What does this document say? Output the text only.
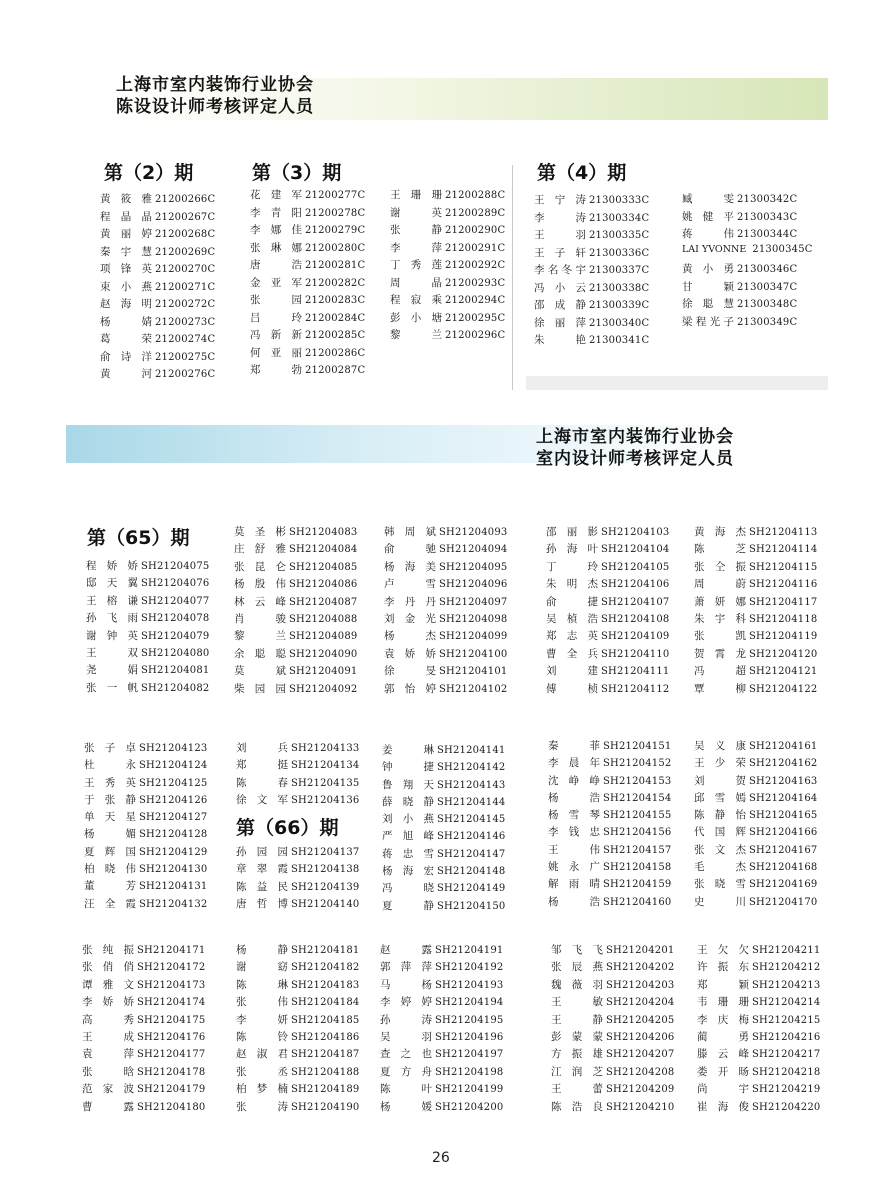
上海市室内装饰行业协会
陈设设计师考核评定人员
第（2）期	第（3）期	第（4）期
上海市室内装饰行业协会
室内设计师考核评定人员
第（65）期
第（66）期
黄筱雅 21200266C
程晶晶 21200267C
黄丽婷 21200268C
秦宇慧 21200269C
项锋英 21200270C
束小燕 21200271C
赵海明 21200272C
杨婧 21200273C
葛荣 21200274C
俞诗洋 21200275C
黄河 21200276C
花建军 21200277C
李青阳 21200278C
李娜佳 21200279C
张琳娜 21200280C
唐浩 21200281C
金亚军 21200282C
张园 21200283C
吕玲 21200284C
冯新新 21200285C
何亚丽 21200286C
郑勃 21200287C
王珊珊 21200288C
谢英 21200289C
张静 21200290C
李萍 21200291C
丁秀莲 21200292C
周晶 21200293C
程寂乘 21200294C
彭小塘 21200295C
黎兰 21200296C
王宁涛 21300333C
李涛 21300334C
王羽 21300335C
王子轩 21300336C
李名冬宇 21300337C
冯小云 21300338C
邵成静 21300339C
徐丽萍 21300340C
朱艳 21300341C
臧雯 21300342C
姚健平 21300343C
蒋伟 21300344C
LAI YVONNE 21300345C
黄小勇 21300346C
甘颖 21300347C
徐聪慧 21300348C
梁程光子 21300349C
程娇娇 SH21204075
邸天翼 SH21204076
王榕谦 SH21204077
孙飞雨 SH21204078
谢钟英 SH21204079
王双 SH21204080
尧娟 SH21204081
张一帆 SH21204082
莫圣彬 SH21204083
庄舒雅 SH21204084
张昆仑 SH21204085
杨殷伟 SH21204086
林云峰 SH21204087
肖骏 SH21204088
黎兰 SH21204089
余聪聪 SH21204090
莫斌 SH21204091
柴园园 SH21204092
韩周斌 SH21204093
俞驰 SH21204094
杨海美 SH21204095
卢雪 SH21204096
李丹丹 SH21204097
刘金光 SH21204098
杨杰 SH21204099
袁娇娇 SH21204100
徐旻 SH21204101
郭怡婷 SH21204102
邵丽影 SH21204103
孙海叶 SH21204104
丁玲 SH21204105
朱明杰 SH21204106
俞捷 SH21204107
吴楨浩 SH21204108
郑志英 SH21204109
曹全兵 SH21204110
刘建 SH21204111
傅桢 SH21204112
黄海杰 SH21204113
陈芝 SH21204114
张仝振 SH21204115
周蔚 SH21204116
萧妍娜 SH21204117
朱宇科 SH21204118
张凯 SH21204119
贺霄龙 SH21204120
冯超 SH21204121
覃柳 SH21204122
张子卓 SH21204123
杜永 SH21204124
王秀英 SH21204125
于张静 SH21204126
单天星 SH21204127
杨媚 SH21204128
夏辉国 SH21204129
柏晓伟 SH21204130
董芳 SH21204131
汪全霞 SH21204132
刘兵 SH21204133
郑挺 SH21204134
陈春 SH21204135
徐文军 SH21204136
孙园园 SH21204137
章翠霞 SH21204138
陈益民 SH21204139
唐哲博 SH21204140
姜琳 SH21204141
钟捷 SH21204142
鲁翔天 SH21204143
薛晓静 SH21204144
刘小燕 SH21204145
严旭峰 SH21204146
蒋忠雪 SH21204147
杨海宏 SH21204148
冯晓 SH21204149
夏静 SH21204150
秦菲 SH21204151
李晨年 SH21204152
沈峥峥 SH21204153
杨浩 SH21204154
杨雪琴 SH21204155
李钱忠 SH21204156
王伟 SH21204157
姚永广 SH21204158
解雨晴 SH21204159
杨浩 SH21204160
吴义康 SH21204161
王少荣 SH21204162
刘贺 SH21204163
邱雪嫣 SH21204164
陈静怡 SH21204165
代国辉 SH21204166
张文杰 SH21204167
毛杰 SH21204168
张晓雪 SH21204169
史川 SH21204170
张纯振 SH21204171
张俏俏 SH21204172
谭雅文 SH21204173
李娇娇 SH21204174
高秀 SH21204175
王成 SH21204176
袁萍 SH21204177
张晗 SH21204178
范家波 SH21204179
曹露 SH21204180
杨静 SH21204181
谢窈 SH21204182
陈琳 SH21204183
张伟 SH21204184
李妍 SH21204185
陈铃 SH21204186
赵淑君 SH21204187
张丞 SH21204188
柏梦楠 SH21204189
张涛 SH21204190
赵露 SH21204191
郭萍萍 SH21204192
马杨 SH21204193
李婷婷 SH21204194
孙涛 SH21204195
吴羽 SH21204196
查之也 SH21204197
夏方舟 SH21204198
陈叶 SH21204199
杨媛 SH21204200
邹飞飞 SH21204201
张辰燕 SH21204202
魏薇羽 SH21204203
王敏 SH21204204
王静 SH21204205
彭蒙蒙 SH21204206
方振雄 SH21204207
江润芝 SH21204208
王蕾 SH21204209
陈浩良 SH21204210
王欠欠 SH21204211
许振东 SH21204212
郑颖 SH21204213
韦珊珊 SH21204214
李庆梅 SH21204215
蔺勇 SH21204216
滕云峰 SH21204217
娄开旸 SH21204218
尚宇 SH21204219
崔海俊 SH21204220
26
